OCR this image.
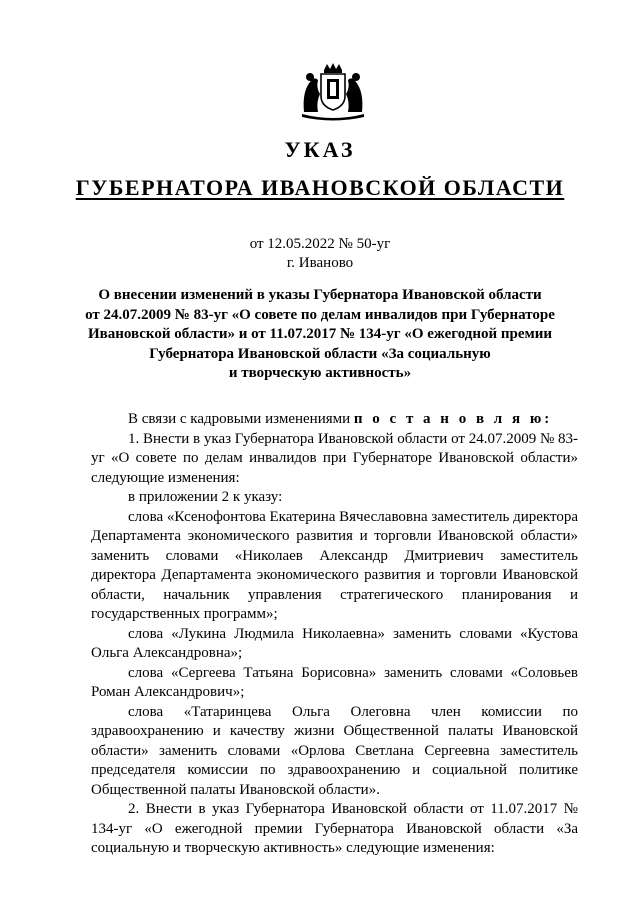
УКАЗ
ГУБЕРНАТОРА ИВАНОВСКОЙ ОБЛАСТИ
от 12.05.2022 № 50-уг
г. Иваново
О внесении изменений в указы Губернатора Ивановской области
от 24.07.2009 № 83-уг «О совете по делам инвалидов при Губернаторе
Ивановской области» и от 11.07.2017 № 134-уг «О ежегодной премии
Губернатора Ивановской области «За социальную
и творческую активность»

В связи с кадровыми изменениями п о с т а н о в л я ю:

1. Внести в указ Губернатора Ивановской области от 24.07.2009 № 83-уг «О совете по делам инвалидов при Губернаторе Ивановской области» следующие изменения:

в приложении 2 к указу:

слова «Ксенофонтова Екатерина Вячеславовна заместитель директора Департамента экономического развития и торговли Ивановской области» заменить словами «Николаев Александр Дмитриевич заместитель директора Департамента экономического развития и торговли Ивановской области, начальник управления стратегического планирования и государственных программ»;

слова «Лукина Людмила Николаевна» заменить словами «Кустова Ольга Александровна»;

слова «Сергеева Татьяна Борисовна» заменить словами «Соловьев Роман Александрович»;

слова «Татаринцева Ольга Олеговна член комиссии по здравоохранению и качеству жизни Общественной палаты Ивановской области» заменить словами «Орлова Светлана Сергеевна заместитель председателя комиссии по здравоохранению и социальной политике Общественной палаты Ивановской области».

2. Внести в указ Губернатора Ивановской области от 11.07.2017 № 134-уг «О ежегодной премии Губернатора Ивановской области «За социальную и творческую активность» следующие изменения:
